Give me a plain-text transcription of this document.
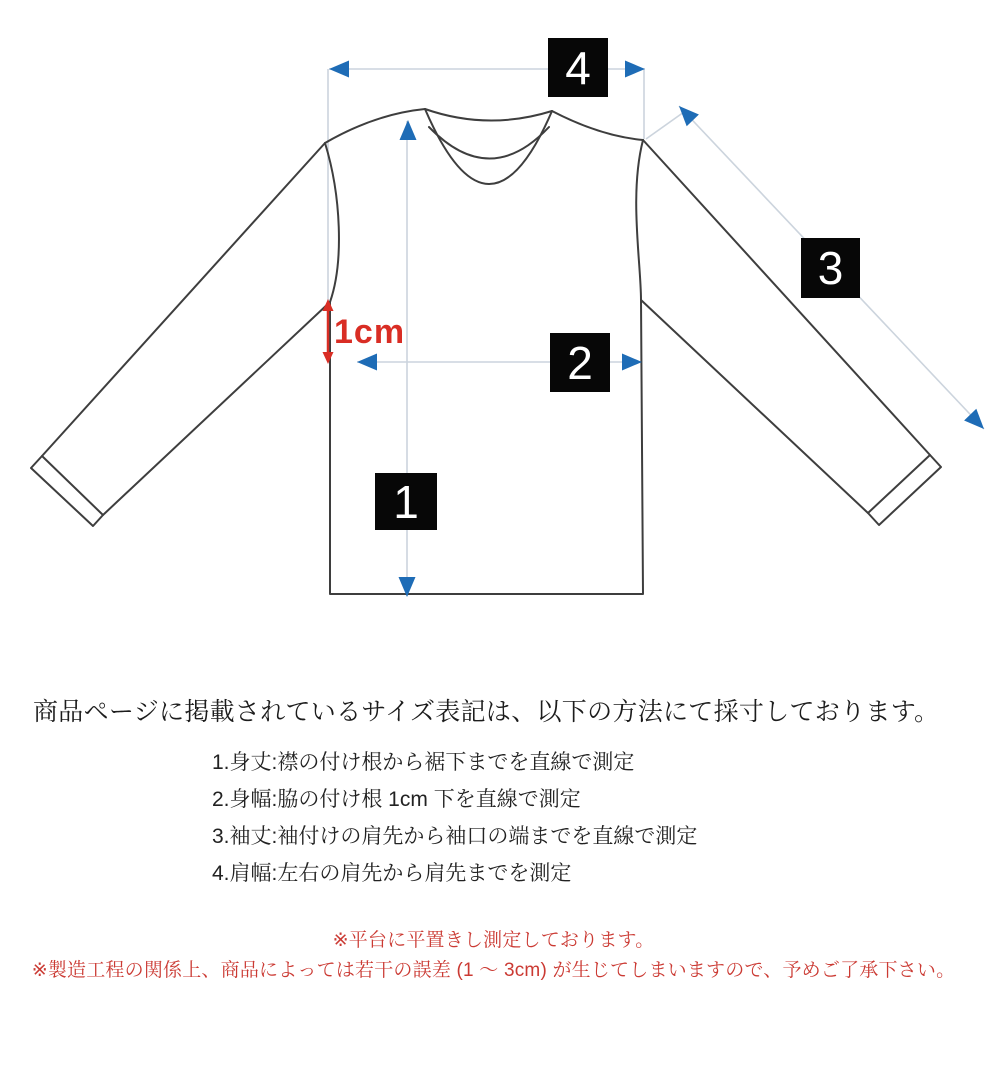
4
3
2
1
1cm
商品ページに掲載されているサイズ表記は、以下の方法にて採寸しております。
1.身丈:襟の付け根から裾下までを直線で測定
2.身幅:脇の付け根 1cm 下を直線で測定
3.袖丈:袖付けの肩先から袖口の端までを直線で測定
4.肩幅:左右の肩先から肩先までを測定
※平台に平置きし測定しております。
※製造工程の関係上、商品によっては若干の誤差 (1 〜 3cm) が生じてしまいますので、予めご了承下さい。
